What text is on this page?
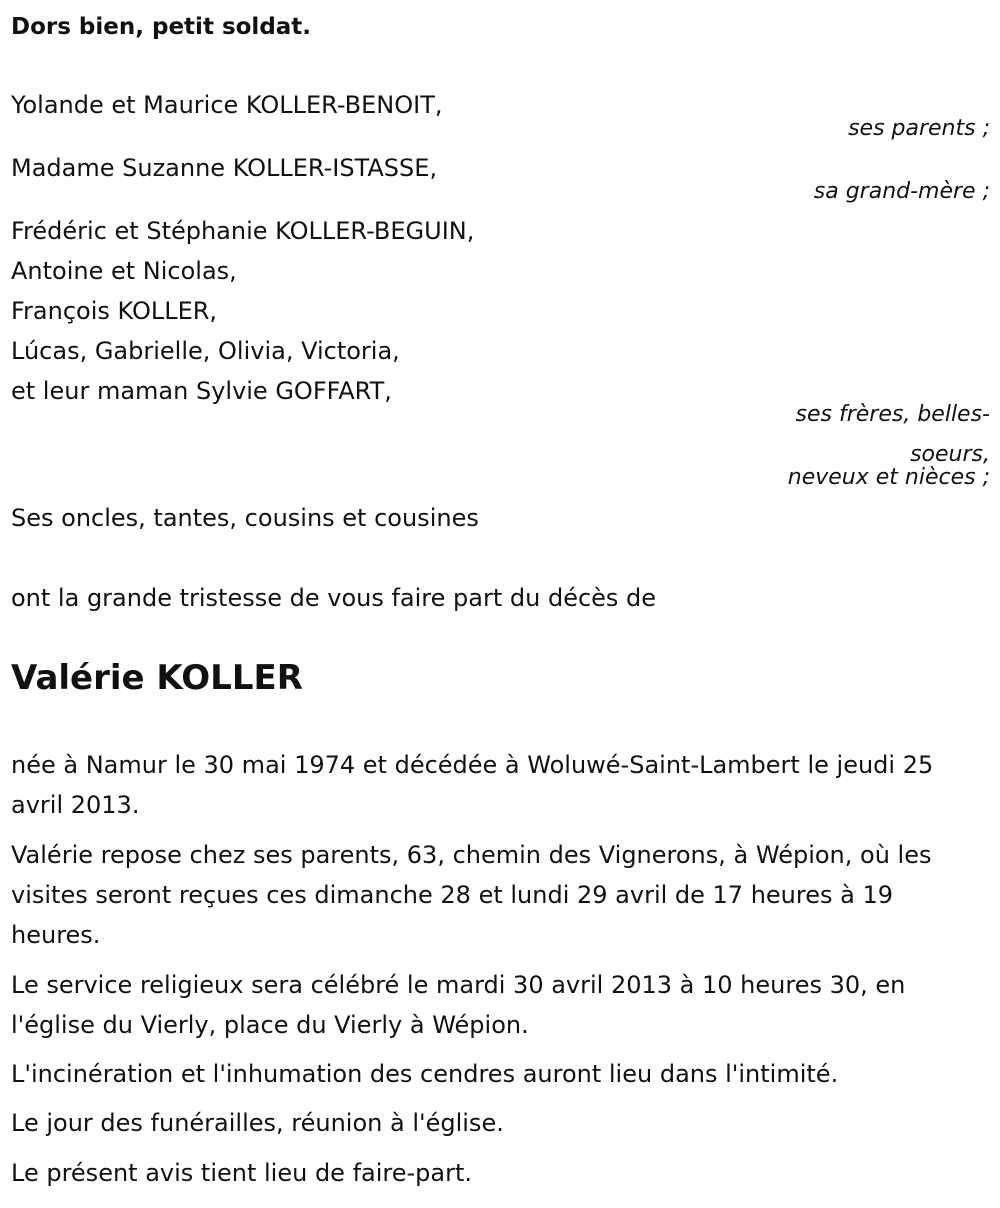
Dors bien, petit soldat.

Yolande et Maurice KOLLER-BENOIT,

ses parents ;

Madame Suzanne KOLLER-ISTASSE,

sa grand-mère ;

Frédéric et Stéphanie KOLLER-BEGUIN,

Antoine et Nicolas,

François KOLLER,

Lúcas, Gabrielle, Olivia, Victoria,

et leur maman Sylvie GOFFART,

ses frères, belles-

soeurs,

neveux et nièces ;

Ses oncles, tantes, cousins et cousines

ont la grande tristesse de vous faire part du décès de

Valérie KOLLER

née à Namur le 30 mai 1974 et décédée à Woluwé-Saint-Lambert le jeudi 25 avril 2013.

Valérie repose chez ses parents, 63, chemin des Vignerons, à Wépion, où les visites seront reçues ces dimanche 28 et lundi 29 avril de 17 heures à 19 heures.

Le service religieux sera célébré le mardi 30 avril 2013 à 10 heures 30, en l'église du Vierly, place du Vierly à Wépion.

L'incinération et l'inhumation des cendres auront lieu dans l'intimité.

Le jour des funérailles, réunion à l'église.

Le présent avis tient lieu de faire-part.
